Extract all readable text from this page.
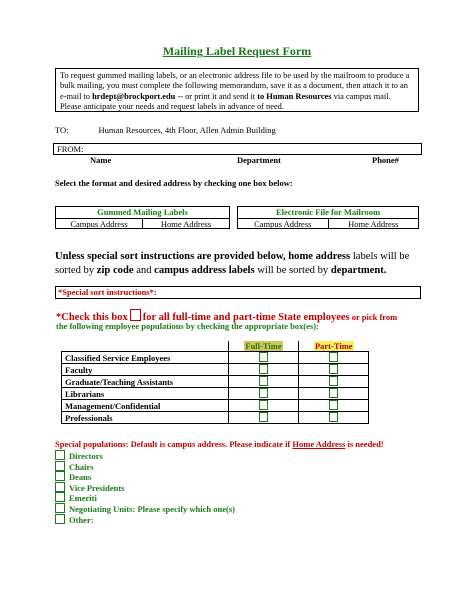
Mailing Label Request Form
To request gummed mailing labels, or an electronic address file to be used by the mailroom to produce a bulk mailing, you must complete the following memorandum, save it as a document, then attach it to an e-mail to hrdept@brockport.edu -- or print it and send it to Human Resources via campus mail. Please anticipate your needs and request labels in advance of need.
TO:	Human Resources, 4th Floor, Allen Admin Building
FROM:
Name	Department	Phone#
Select the format and desired address by checking one box below:
Gummed Mailing Labels
Campus Address	Home Address
Electronic File for Mailroom
Campus Address	Home Address
Unless special sort instructions are provided below, home address labels will be sorted by zip code and campus address labels will be sorted by department.
*Special sort instructions*:
*Check this box for all full-time and part-time State employees or pick from
the following employee populations by checking the appropriate box(es):
	Full-Time	Part-Time
Classified Service Employees		
Faculty		
Graduate/Teaching Assistants		
Librarians		
Management/Confidential		
Professionals		
Special populations: Default is campus address. Please indicate if Home Address is needed!
Directors
Chairs
Deans
Vice Presidents
Emeriti
Negotiating Units: Please specify which one(s)
Other:
